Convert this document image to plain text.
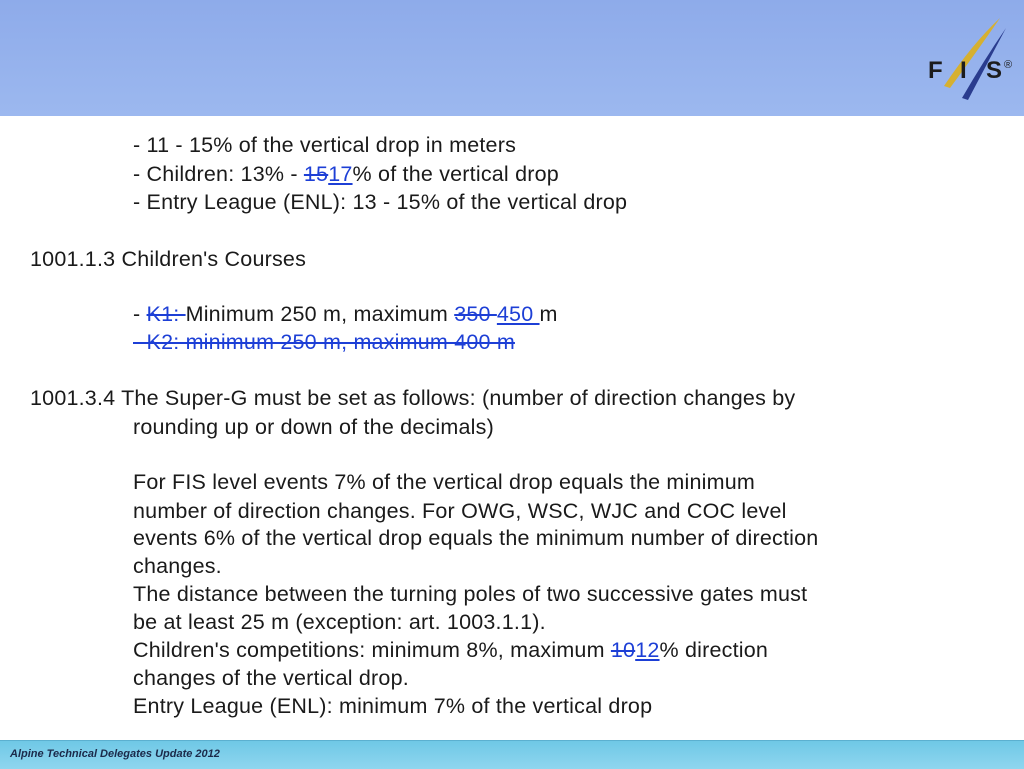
F I S ®
- 11 - 15% of the vertical drop in meters
- Children: 13% - 1517% of the vertical drop
- Entry League (ENL): 13 - 15% of the vertical drop
1001.1.3 Children's Courses
- K1: Minimum 250 m, maximum 350 450 m
- K2: minimum 250 m, maximum 400 m
1001.3.4 The Super-G must be set as follows: (number of direction changes by
rounding up or down of the decimals)
For FIS level events 7% of the vertical drop equals the minimum
number of direction changes. For OWG, WSC, WJC and COC level
events 6% of the vertical drop equals the minimum number of direction
changes.
The distance between the turning poles of two successive gates must
be at least 25 m (exception: art. 1003.1.1).
Children's competitions: minimum 8%, maximum 1012% direction
changes of the vertical drop.
Entry League (ENL): minimum 7% of the vertical drop
Alpine Technical Delegates Update 2012
